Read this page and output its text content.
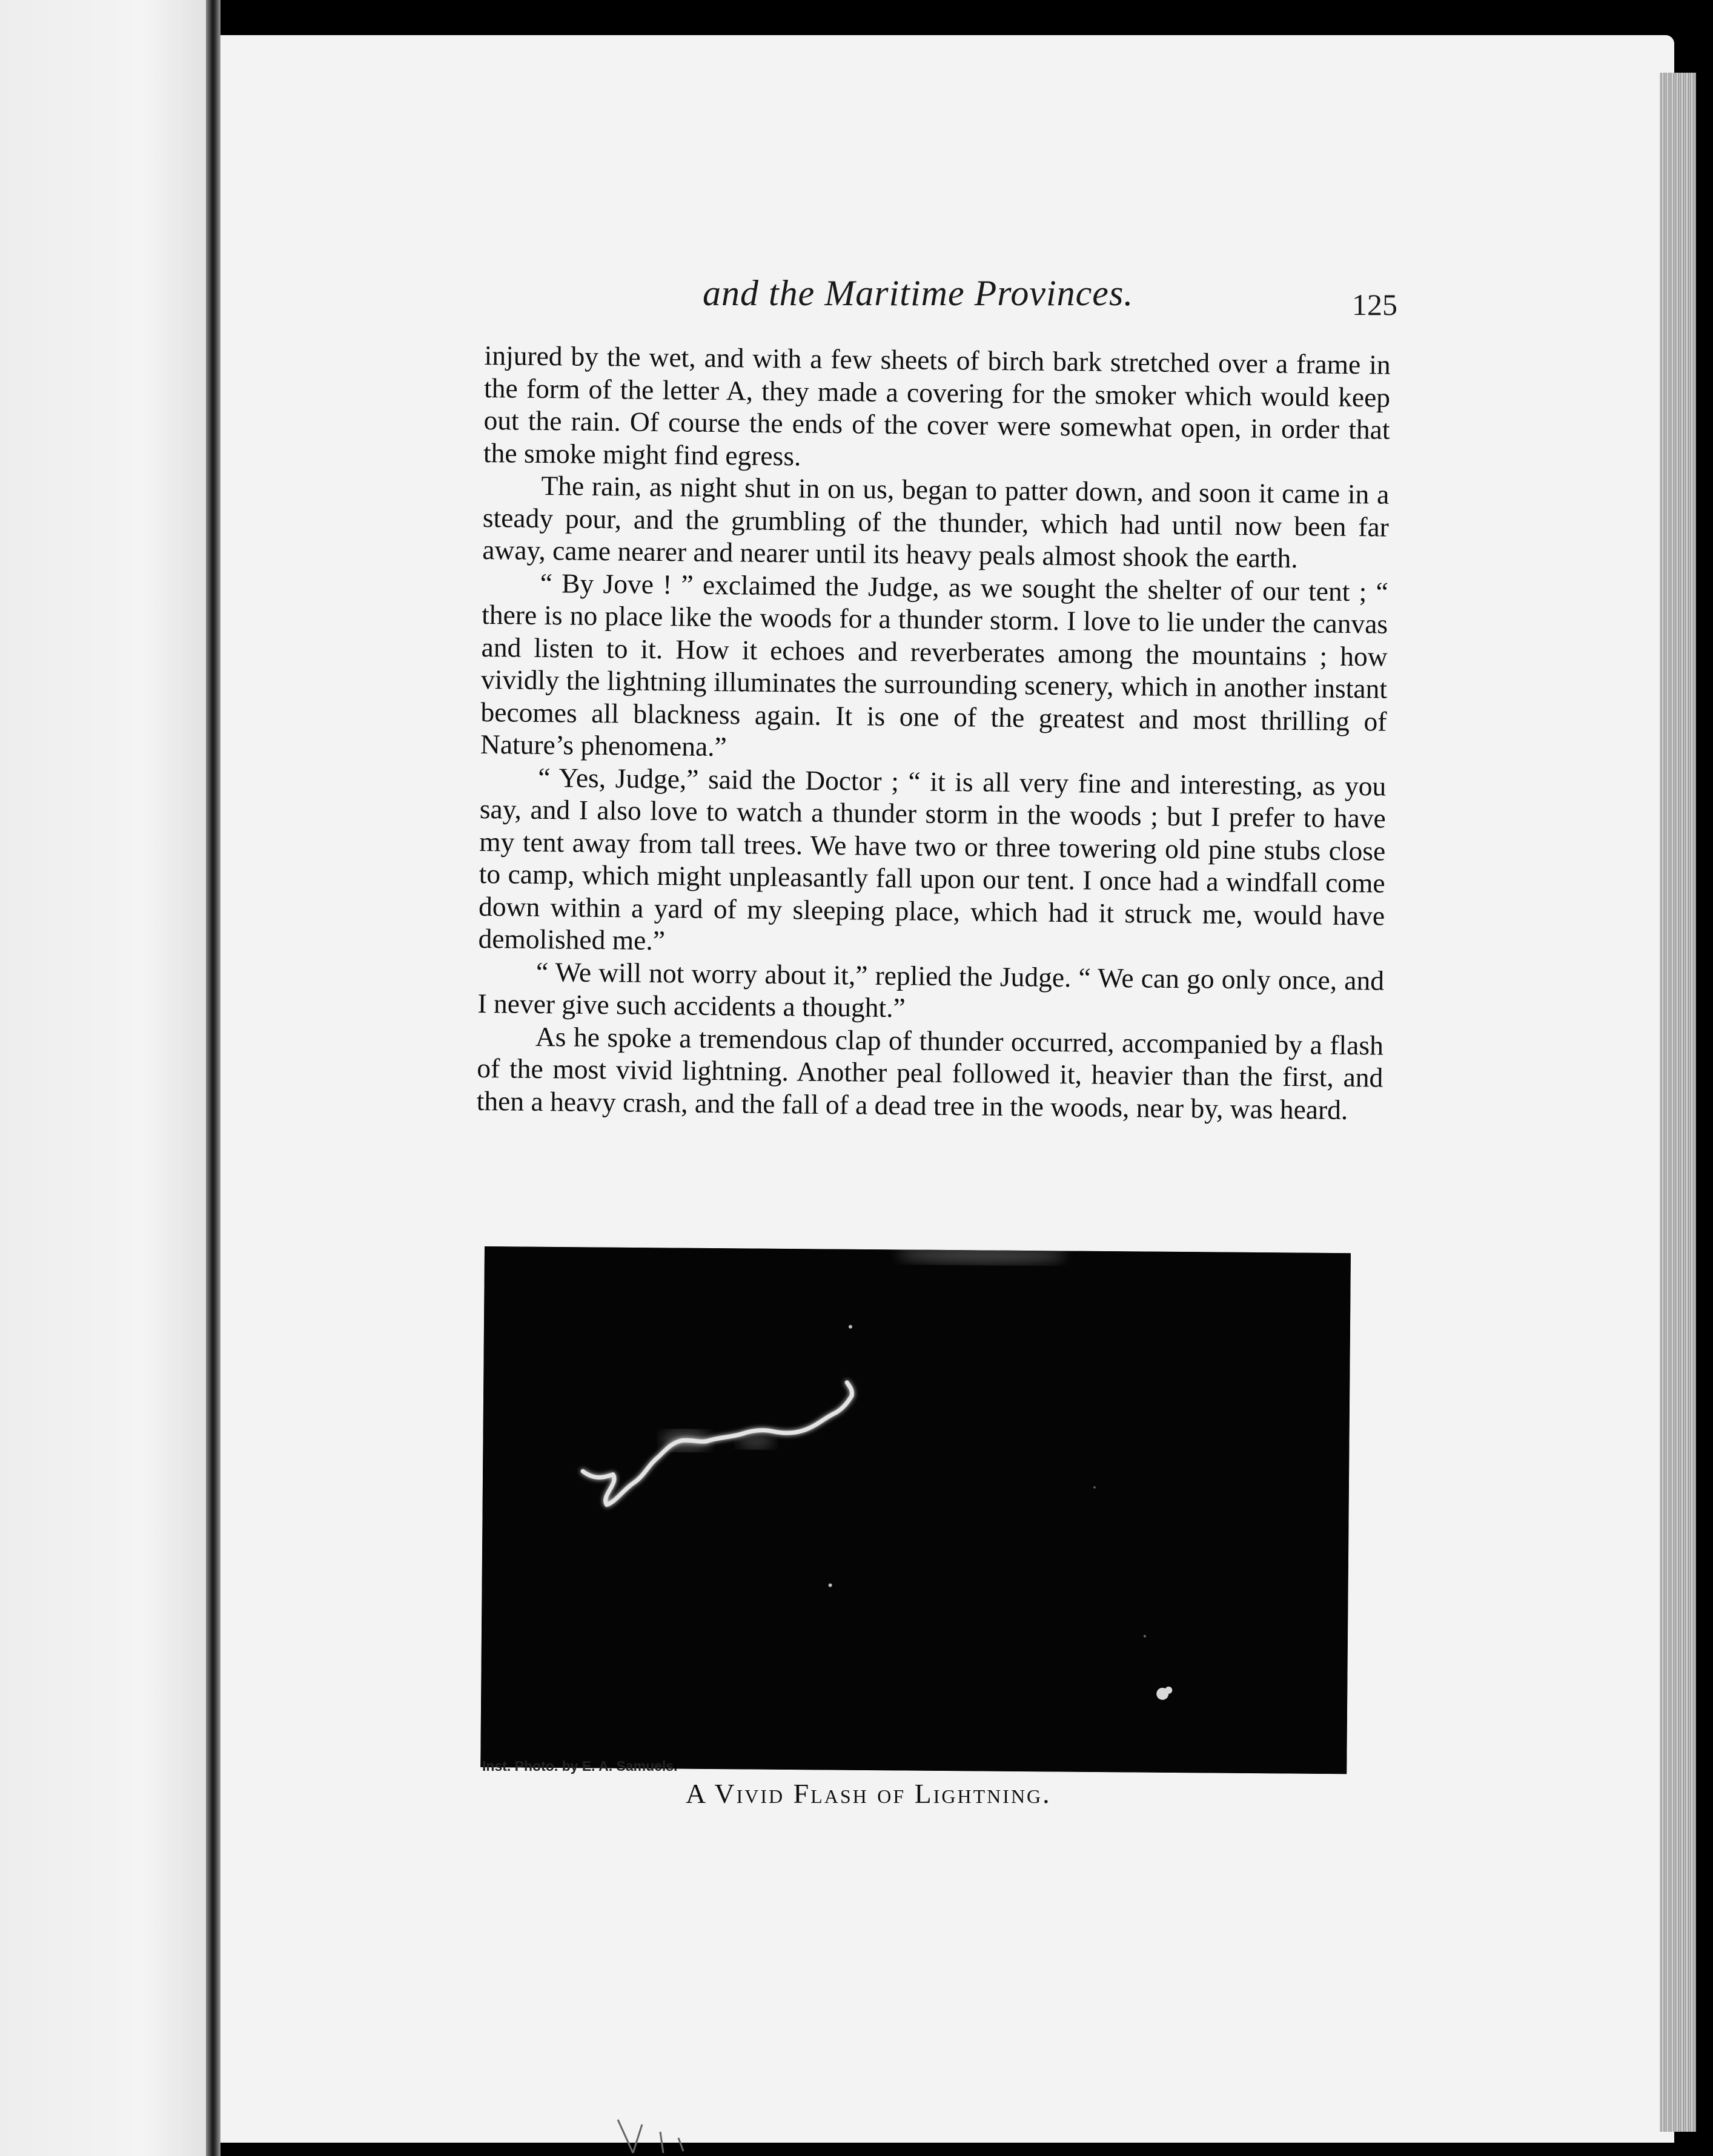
and the Maritime Provinces.	125

injured by the wet, and with a few sheets of birch bark stretched over a frame in the form of the letter A, they made a covering for the smoker which would keep out the rain. Of course the ends of the cover were somewhat open, in order that the smoke might find egress.

The rain, as night shut in on us, began to patter down, and soon it came in a steady pour, and the grumbling of the thunder, which had until now been far away, came nearer and nearer until its heavy peals almost shook the earth.

“ By Jove ! ” exclaimed the Judge, as we sought the shelter of our tent ; “ there is no place like the woods for a thunder storm. I love to lie under the canvas and listen to it. How it echoes and reverberates among the mountains ; how vividly the lightning illuminates the surrounding scenery, which in another instant becomes all blackness again. It is one of the greatest and most thrilling of Nature’s phenomena.”

“ Yes, Judge,” said the Doctor ; “ it is all very fine and interesting, as you say, and I also love to watch a thunder storm in the woods ; but I prefer to have my tent away from tall trees. We have two or three towering old pine stubs close to camp, which might unpleasantly fall upon our tent. I once had a windfall come down within a yard of my sleeping place, which had it struck me, would have demolished me.”

“ We will not worry about it,” replied the Judge. “ We can go only once, and I never give such accidents a thought.”

As he spoke a tremendous clap of thunder occurred, accompanied by a flash of the most vivid lightning. Another peal followed it, heavier than the first, and then a heavy crash, and the fall of a dead tree in the woods, near by, was heard.

Inst. Photo. by E. A. Samuels.
A Vivid Flash of Lightning.
